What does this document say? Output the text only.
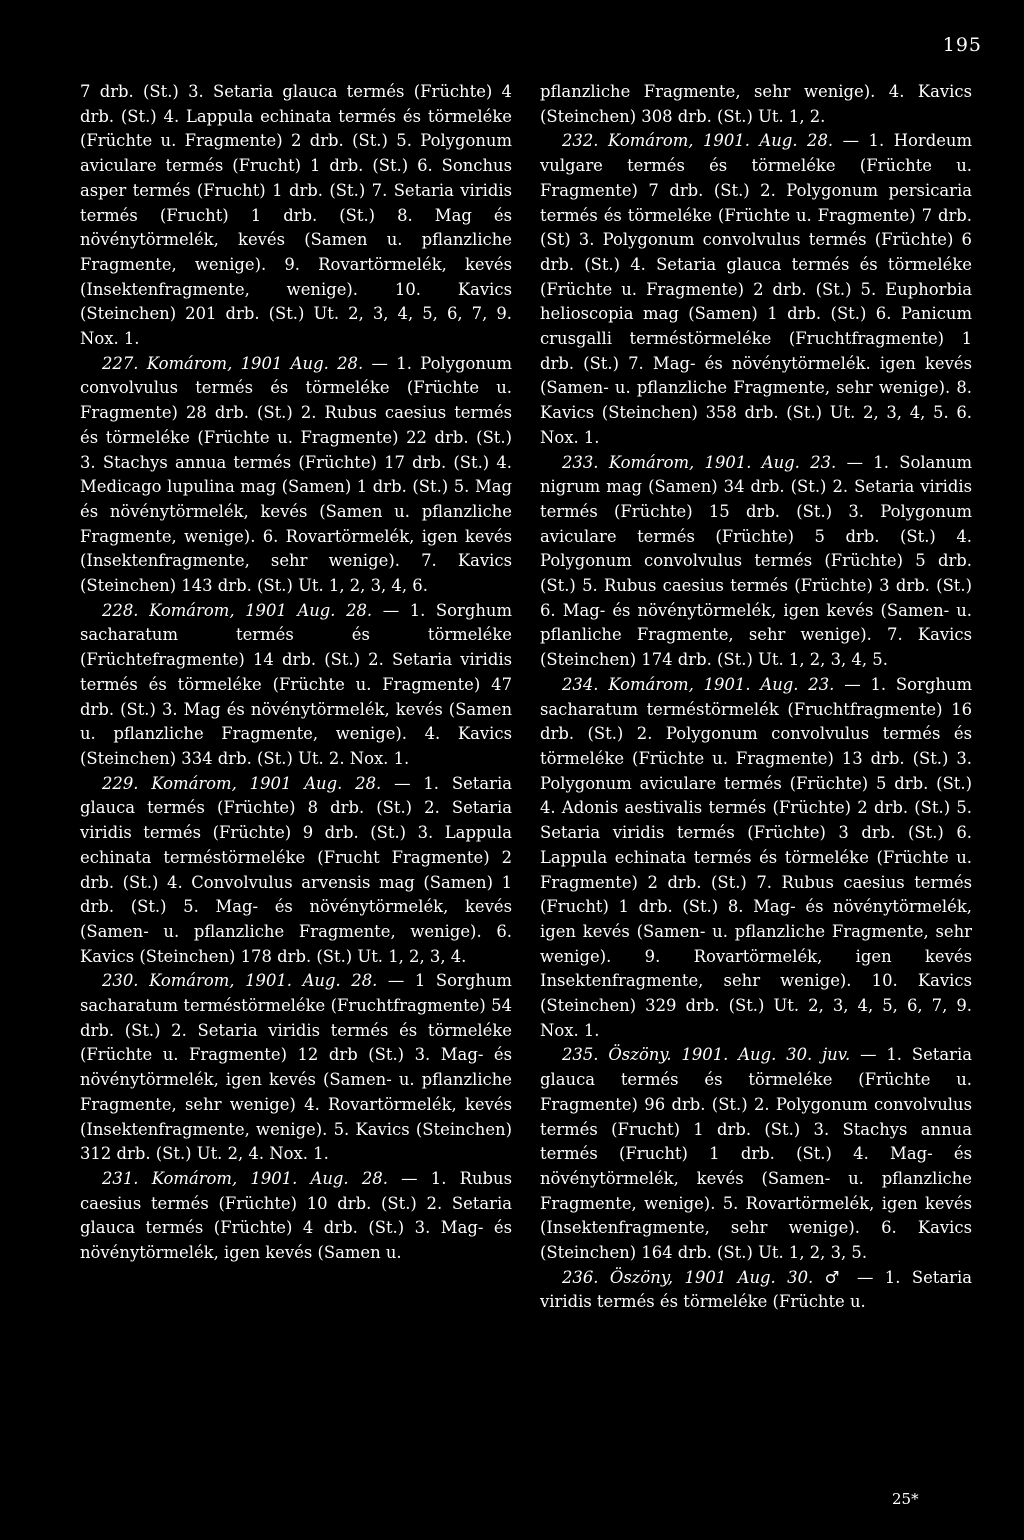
195

7 drb. (St.) 3. Setaria glauca termés (Früchte) 4 drb. (St.) 4. Lappula echinata termés és törmeléke (Früchte u. Fragmente) 2 drb. (St.) 5. Polygonum aviculare termés (Frucht) 1 drb. (St.) 6. Sonchus asper termés (Frucht) 1 drb. (St.) 7. Setaria viridis termés (Frucht) 1 drb. (St.) 8. Mag és növénytörmelék, kevés (Samen u. pflanzliche Fragmente, wenige). 9. Rovartörmelék, kevés (Insektenfragmente, wenige). 10. Kavics (Steinchen) 201 drb. (St.) Ut. 2, 3, 4, 5, 6, 7, 9. Nox. 1.

227. Komárom, 1901 Aug. 28. — 1. Polygonum convolvulus termés és törmeléke (Früchte u. Fragmente) 28 drb. (St.) 2. Rubus caesius termés és törmeléke (Früchte u. Fragmente) 22 drb. (St.) 3. Stachys annua termés (Früchte) 17 drb. (St.) 4. Medicago lupulina mag (Samen) 1 drb. (St.) 5. Mag és növénytörmelék, kevés (Samen u. pflanzliche Fragmente, wenige). 6. Rovartörmelék, igen kevés (Insektenfragmente, sehr wenige). 7. Kavics (Steinchen) 143 drb. (St.) Ut. 1, 2, 3, 4, 6.

228. Komárom, 1901 Aug. 28. — 1. Sorghum sacharatum termés és törmeléke (Früchtefragmente) 14 drb. (St.) 2. Setaria viridis termés és törmeléke (Früchte u. Fragmente) 47 drb. (St.) 3. Mag és növénytörmelék, kevés (Samen u. pflanzliche Fragmente, wenige). 4. Kavics (Steinchen) 334 drb. (St.) Ut. 2. Nox. 1.

229. Komárom, 1901 Aug. 28. — 1. Setaria glauca termés (Früchte) 8 drb. (St.) 2. Setaria viridis termés (Früchte) 9 drb. (St.) 3. Lappula echinata terméstörmeléke (Frucht Fragmente) 2 drb. (St.) 4. Convolvulus arvensis mag (Samen) 1 drb. (St.) 5. Mag- és növénytörmelék, kevés (Samen- u. pflanzliche Fragmente, wenige). 6. Kavics (Steinchen) 178 drb. (St.) Ut. 1, 2, 3, 4.

230. Komárom, 1901. Aug. 28. — 1 Sorghum sacharatum terméstörmeléke (Fruchtfragmente) 54 drb. (St.) 2. Setaria viridis termés és törmeléke (Früchte u. Fragmente) 12 drb (St.) 3. Mag- és növénytörmelék, igen kevés (Samen- u. pflanzliche Fragmente, sehr wenige) 4. Rovartörmelék, kevés (Insektenfragmente, wenige). 5. Kavics (Steinchen) 312 drb. (St.) Ut. 2, 4. Nox. 1.

231. Komárom, 1901. Aug. 28. — 1. Rubus caesius termés (Früchte) 10 drb. (St.) 2. Setaria glauca termés (Früchte) 4 drb. (St.) 3. Mag- és növénytörmelék, igen kevés (Samen u.

pflanzliche Fragmente, sehr wenige). 4. Kavics (Steinchen) 308 drb. (St.) Ut. 1, 2.

232. Komárom, 1901. Aug. 28. — 1. Hordeum vulgare termés és törmeléke (Früchte u. Fragmente) 7 drb. (St.) 2. Polygonum persicaria termés és törmeléke (Früchte u. Fragmente) 7 drb. (St) 3. Polygonum convolvulus termés (Früchte) 6 drb. (St.) 4. Setaria glauca termés és törmeléke (Früchte u. Fragmente) 2 drb. (St.) 5. Euphorbia helioscopia mag (Samen) 1 drb. (St.) 6. Panicum crusgalli terméstörmeléke (Fruchtfragmente) 1 drb. (St.) 7. Mag- és növénytörmelék. igen kevés (Samen- u. pflanzliche Fragmente, sehr wenige). 8. Kavics (Steinchen) 358 drb. (St.) Ut. 2, 3, 4, 5. 6. Nox. 1.

233. Komárom, 1901. Aug. 23. — 1. Solanum nigrum mag (Samen) 34 drb. (St.) 2. Setaria viridis termés (Früchte) 15 drb. (St.) 3. Polygonum aviculare termés (Früchte) 5 drb. (St.) 4. Polygonum convolvulus termés (Früchte) 5 drb. (St.) 5. Rubus caesius termés (Früchte) 3 drb. (St.) 6. Mag- és növénytörmelék, igen kevés (Samen- u. pflanliche Fragmente, sehr wenige). 7. Kavics (Steinchen) 174 drb. (St.) Ut. 1, 2, 3, 4, 5.

234. Komárom, 1901. Aug. 23. — 1. Sorghum sacharatum terméstörmelék (Fruchtfragmente) 16 drb. (St.) 2. Polygonum convolvulus termés és törmeléke (Früchte u. Fragmente) 13 drb. (St.) 3. Polygonum aviculare termés (Früchte) 5 drb. (St.) 4. Adonis aestivalis termés (Früchte) 2 drb. (St.) 5. Setaria viridis termés (Früchte) 3 drb. (St.) 6. Lappula echinata termés és törmeléke (Früchte u. Fragmente) 2 drb. (St.) 7. Rubus caesius termés (Frucht) 1 drb. (St.) 8. Mag- és növénytörmelék, igen kevés (Samen- u. pflanzliche Fragmente, sehr wenige). 9. Rovartörmelék, igen kevés Insektenfragmente, sehr wenige). 10. Kavics (Steinchen) 329 drb. (St.) Ut. 2, 3, 4, 5, 6, 7, 9. Nox. 1.

235. Öszöny. 1901. Aug. 30. juv. — 1. Setaria glauca termés és törmeléke (Früchte u. Fragmente) 96 drb. (St.) 2. Polygonum convolvulus termés (Frucht) 1 drb. (St.) 3. Stachys annua termés (Frucht) 1 drb. (St.) 4. Mag- és növénytörmelék, kevés (Samen- u. pflanzliche Fragmente, wenige). 5. Rovartörmelék, igen kevés (Insektenfragmente, sehr wenige). 6. Kavics (Steinchen) 164 drb. (St.) Ut. 1, 2, 3, 5.

236. Öszöny, 1901 Aug. 30. ♂ — 1. Setaria viridis termés és törmeléke (Früchte u.

25*
